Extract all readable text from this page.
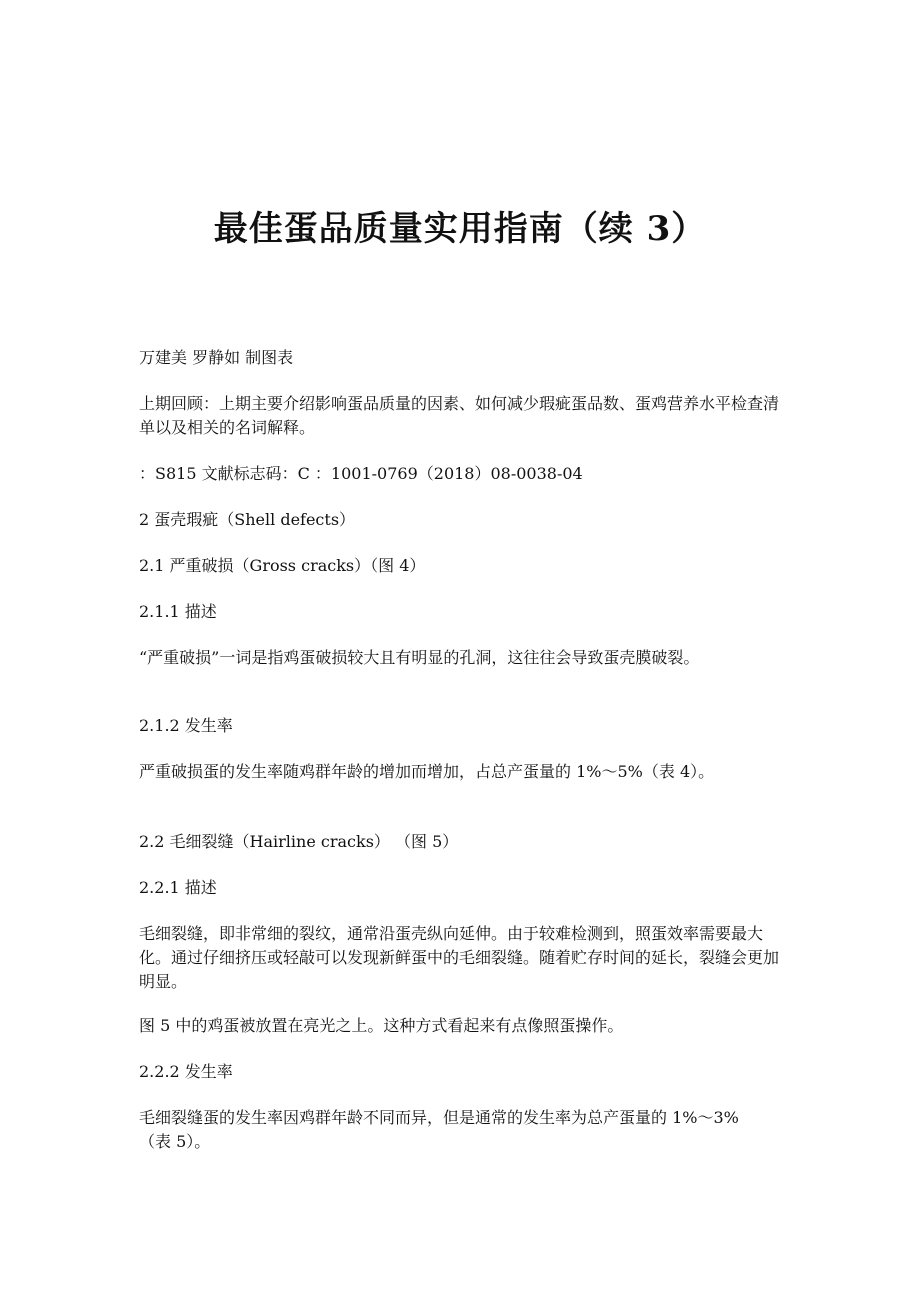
最佳蛋品质量实用指南（续 3）

万建美 罗静如 制图表

上期回顾：上期主要介绍影响蛋品质量的因素、如何减少瑕疵蛋品数、蛋鸡营养水平检查清单以及相关的名词解释。

：S815 文献标志码：C ：1001-0769（2018）08-0038-04

2 蛋壳瑕疵（Shell defects）

2.1 严重破损（Gross cracks）（图 4）

2.1.1 描述

“严重破损”一词是指鸡蛋破损较大且有明显的孔洞，这往往会导致蛋壳膜破裂。

2.1.2 发生率

严重破损蛋的发生率随鸡群年龄的增加而增加，占总产蛋量的 1%～5%（表 4）。

2.2 毛细裂缝（Hairline cracks） （图 5）

2.2.1 描述

毛细裂缝，即非常细的裂纹，通常沿蛋壳纵向延伸。由于较难检测到，照蛋效率需要最大化。通过仔细挤压或轻敲可以发现新鲜蛋中的毛细裂缝。随着贮存时间的延长，裂缝会更加明显。

图 5 中的鸡蛋被放置在亮光之上。这种方式看起来有点像照蛋操作。

2.2.2 发生率

毛细裂缝蛋的发生率因鸡群年龄不同而异，但是通常的发生率为总产蛋量的 1%～3%（表 5）。
